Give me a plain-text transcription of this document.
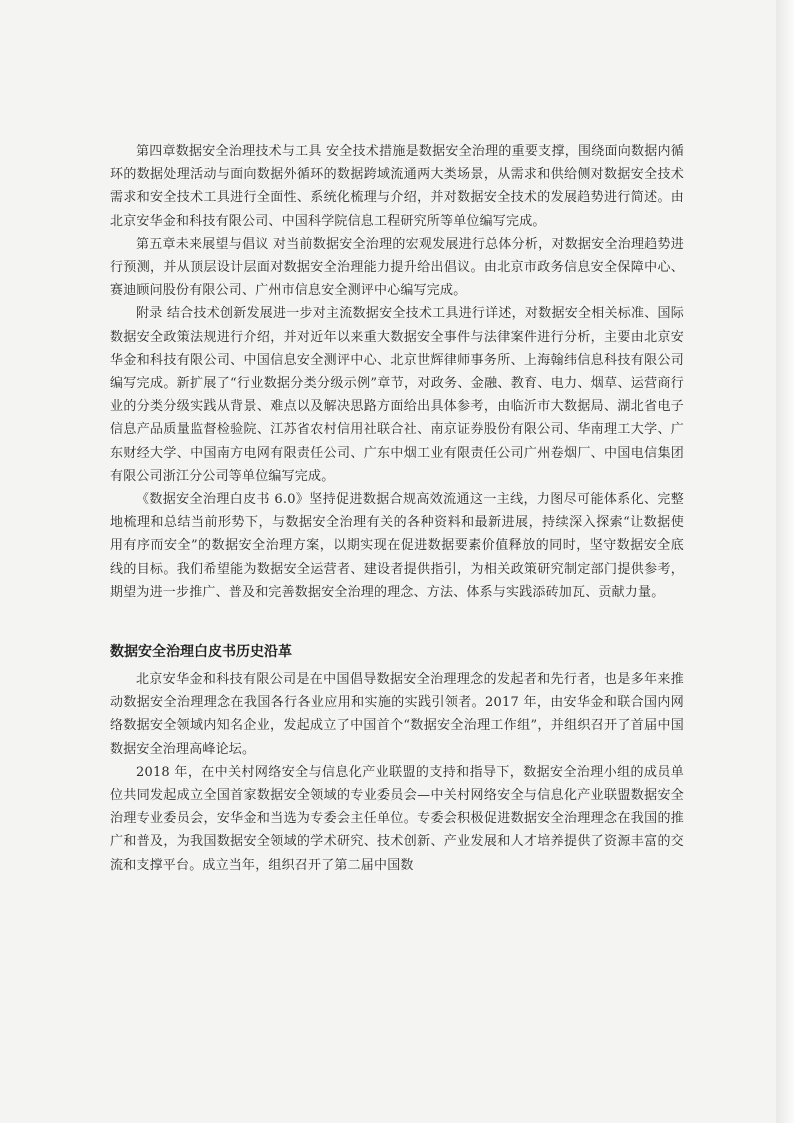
第四章数据安全治理技术与工具 安全技术措施是数据安全治理的重要支撑，围绕面向数据内循环的数据处理活动与面向数据外循环的数据跨域流通两大类场景，从需求和供给侧对数据安全技术需求和安全技术工具进行全面性、系统化梳理与介绍，并对数据安全技术的发展趋势进行简述。由北京安华金和科技有限公司、中国科学院信息工程研究所等单位编写完成。

第五章未来展望与倡议 对当前数据安全治理的宏观发展进行总体分析，对数据安全治理趋势进行预测，并从顶层设计层面对数据安全治理能力提升给出倡议。由北京市政务信息安全保障中心、赛迪顾问股份有限公司、广州市信息安全测评中心编写完成。

附录 结合技术创新发展进一步对主流数据安全技术工具进行详述，对数据安全相关标准、国际数据安全政策法规进行介绍，并对近年以来重大数据安全事件与法律案件进行分析，主要由北京安华金和科技有限公司、中国信息安全测评中心、北京世辉律师事务所、上海翰纬信息科技有限公司编写完成。新扩展了“行业数据分类分级示例”章节，对政务、金融、教育、电力、烟草、运营商行业的分类分级实践从背景、难点以及解决思路方面给出具体参考，由临沂市大数据局、湖北省电子信息产品质量监督检验院、江苏省农村信用社联合社、南京证券股份有限公司、华南理工大学、广东财经大学、中国南方电网有限责任公司、广东中烟工业有限责任公司广州卷烟厂、中国电信集团有限公司浙江分公司等单位编写完成。

《数据安全治理白皮书 6.0》坚持促进数据合规高效流通这一主线，力图尽可能体系化、完整地梳理和总结当前形势下，与数据安全治理有关的各种资料和最新进展，持续深入探索“让数据使用有序而安全”的数据安全治理方案，以期实现在促进数据要素价值释放的同时，坚守数据安全底线的目标。我们希望能为数据安全运营者、建设者提供指引，为相关政策研究制定部门提供参考，期望为进一步推广、普及和完善数据安全治理的理念、方法、体系与实践添砖加瓦、贡献力量。

数据安全治理白皮书历史沿革

北京安华金和科技有限公司是在中国倡导数据安全治理理念的发起者和先行者，也是多年来推动数据安全治理理念在我国各行各业应用和实施的实践引领者。2017 年，由安华金和联合国内网络数据安全领域内知名企业，发起成立了中国首个“数据安全治理工作组”，并组织召开了首届中国数据安全治理高峰论坛。

2018 年，在中关村网络安全与信息化产业联盟的支持和指导下，数据安全治理小组的成员单位共同发起成立全国首家数据安全领域的专业委员会—中关村网络安全与信息化产业联盟数据安全治理专业委员会，安华金和当选为专委会主任单位。专委会积极促进数据安全治理理念在我国的推广和普及，为我国数据安全领域的学术研究、技术创新、产业发展和人才培养提供了资源丰富的交流和支撑平台。成立当年，组织召开了第二届中国数
